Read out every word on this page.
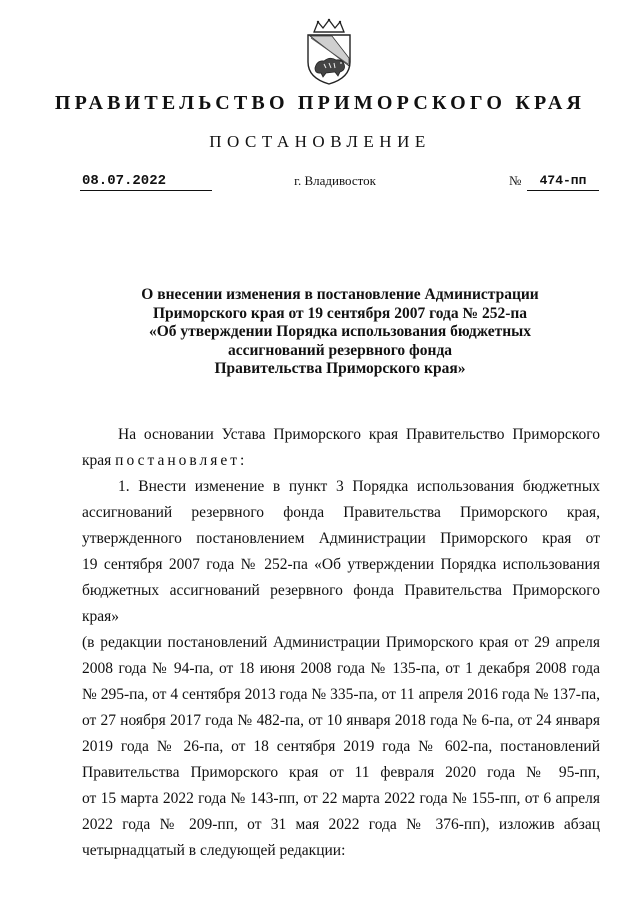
ПРАВИТЕЛЬСТВО ПРИМОРСКОГО КРАЯ
ПОСТАНОВЛЕНИЕ
08.07.2022	г. Владивосток	№	474-пп
О внесении изменения в постановление Администрации
Приморского края от 19 сентября 2007 года № 252-па
«Об утверждении Порядка использования бюджетных
ассигнований резервного фонда
Правительства Приморского края»
На основании Устава Приморского края Правительство Приморского
края постановляет:
1. Внести изменение в пункт 3 Порядка использования бюджетных
ассигнований резервного фонда Правительства Приморского края,
утвержденного постановлением Администрации Приморского края от
19 сентября 2007 года № 252-па «Об утверждении Порядка использования
бюджетных ассигнований резервного фонда Правительства Приморского края»
(в редакции постановлений Администрации Приморского края от 29 апреля
2008 года № 94-па, от 18 июня 2008 года № 135-па, от 1 декабря 2008 года
№ 295-па, от 4 сентября 2013 года № 335-па, от 11 апреля 2016 года № 137-па,
от 27 ноября 2017 года № 482-па, от 10 января 2018 года № 6-па, от 24 января
2019 года № 26-па, от 18 сентября 2019 года № 602-па, постановлений
Правительства Приморского края от 11 февраля 2020 года № 95-пп,
от 15 марта 2022 года № 143-пп, от 22 марта 2022 года № 155-пп, от 6 апреля
2022 года № 209-пп, от 31 мая 2022 года № 376-пп), изложив абзац
четырнадцатый в следующей редакции:
